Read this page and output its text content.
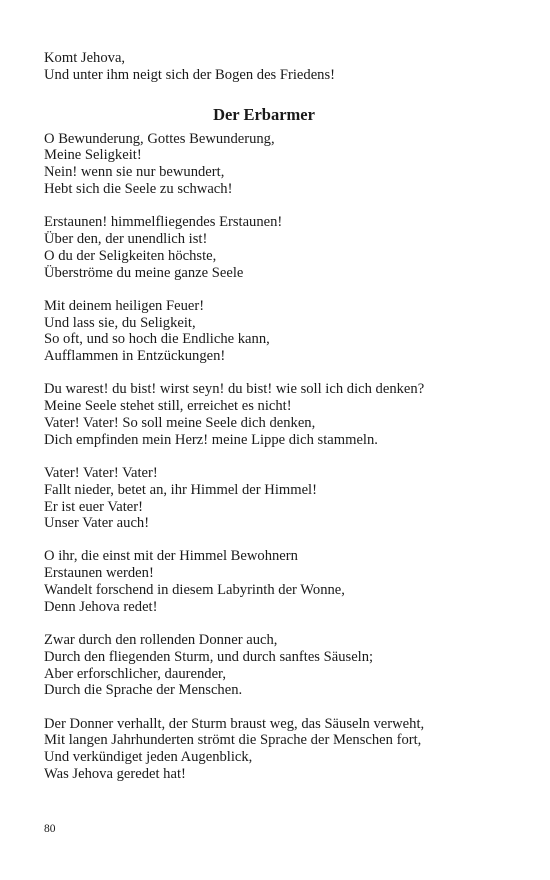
Komt Jehova,
Und unter ihm neigt sich der Bogen des Friedens!
Der Erbarmer
O Bewunderung, Gottes Bewunderung,
Meine Seligkeit!
Nein! wenn sie nur bewundert,
Hebt sich die Seele zu schwach!
Erstaunen! himmelfliegendes Erstaunen!
Über den, der unendlich ist!
O du der Seligkeiten höchste,
Überströme du meine ganze Seele
Mit deinem heiligen Feuer!
Und lass sie, du Seligkeit,
So oft, und so hoch die Endliche kann,
Aufflammen in Entzückungen!
Du warest! du bist! wirst seyn! du bist! wie soll ich dich denken?
Meine Seele stehet still, erreichet es nicht!
Vater! Vater! So soll meine Seele dich denken,
Dich empfinden mein Herz! meine Lippe dich stammeln.
Vater! Vater! Vater!
Fallt nieder, betet an, ihr Himmel der Himmel!
Er ist euer Vater!
Unser Vater auch!
O ihr, die einst mit der Himmel Bewohnern
Erstaunen werden!
Wandelt forschend in diesem Labyrinth der Wonne,
Denn Jehova redet!
Zwar durch den rollenden Donner auch,
Durch den fliegenden Sturm, und durch sanftes Säuseln;
Aber erforschlicher, daurender,
Durch die Sprache der Menschen.
Der Donner verhallt, der Sturm braust weg, das Säuseln verweht,
Mit langen Jahrhunderten strömt die Sprache der Menschen fort,
Und verkündiget jeden Augenblick,
Was Jehova geredet hat!
80
